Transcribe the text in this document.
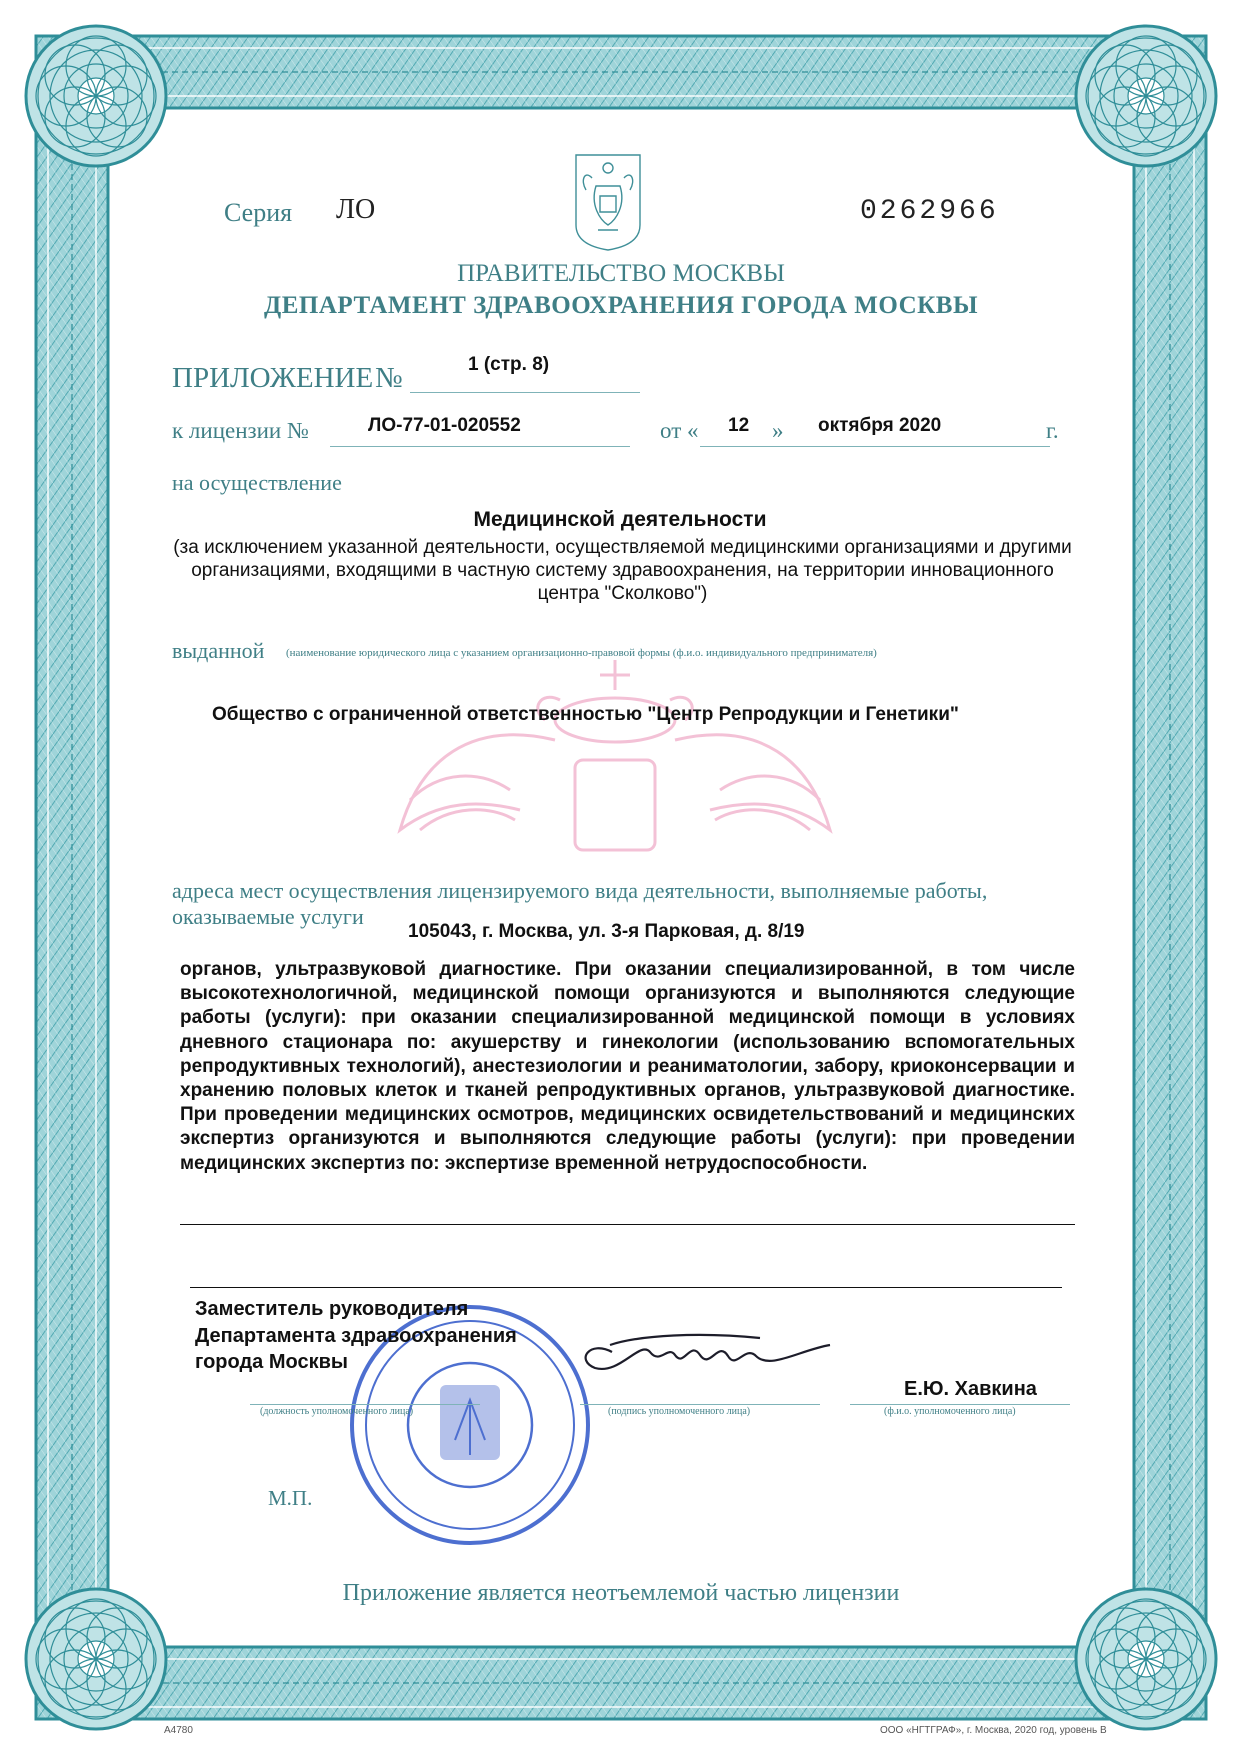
Серия ЛО	0262966
ПРАВИТЕЛЬСТВО МОСКВЫ
ДЕПАРТАМЕНТ ЗДРАВООХРАНЕНИЯ ГОРОДА МОСКВЫ
ПРИЛОЖЕНИЕ №	1 (стр. 8)
к лицензии №	ЛО-77-01-020552	от « 12 » октября 2020	г.
на осуществление
Медицинской деятельности
(за исключением указанной деятельности, осуществляемой медицинскими организациями и другими организациями, входящими в частную систему здравоохранения, на территории инновационного центра "Сколково")
выданной (наименование юридического лица с указанием организационно-правовой формы (ф.и.о. индивидуального предпринимателя)
Общество с ограниченной ответственностью "Центр Репродукции и Генетики"
адреса мест осуществления лицензируемого вида деятельности, выполняемые работы, оказываемые услуги
105043, г. Москва, ул. 3-я Парковая, д. 8/19
органов, ультразвуковой диагностике. При оказании специализированной, в том числе высокотехнологичной, медицинской помощи организуются и выполняются следующие работы (услуги): при оказании специализированной медицинской помощи в условиях дневного стационара по: акушерству и гинекологии (использованию вспомогательных репродуктивных технологий), анестезиологии и реаниматологии, забору, криоконсервации и хранению половых клеток и тканей репродуктивных органов, ультразвуковой диагностике. При проведении медицинских осмотров, медицинских освидетельствований и медицинских экспертиз организуются и выполняются следующие работы (услуги): при проведении медицинских экспертиз по: экспертизе временной нетрудоспособности.
Заместитель руководителя Департамента здравоохранения города Москвы
Е.Ю. Хавкина
(должность уполномоченного лица)	(подпись уполномоченного лица)	(ф.и.о. уполномоченного лица)
М.П.
Приложение является неотъемлемой частью лицензии
А4780	ООО «НГТГРАФ», г. Москва, 2020 год, уровень В
